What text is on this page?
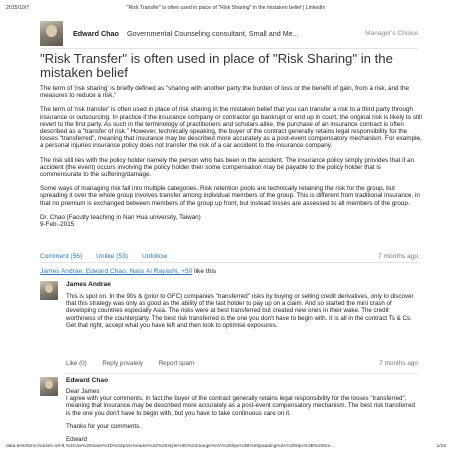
2015/10/7	"Risk Transfer" is often used in place of "Risk Sharing" in the mistaken belief | LinkedIn
Edward Chao Governmental Counseling consultant, Small and Me...	Manager's Choice
"Risk Transfer" is often used in place of "Risk Sharing" in the mistaken belief

The term of 'risk sharing' is briefly defined as "sharing with another party the burden of loss or the benefit of gain, from a risk, and the measures to reduce a risk."

The term of 'risk transfer' is often used in place of risk sharing in the mistaken belief that you can transfer a risk to a third party through insurance or outsourcing. In practice if the insurance company or contractor go bankrupt or end up in court, the original risk is likely to still revert to the first party. As such in the terminology of practitioners and scholars alike, the purchase of an insurance contract is often described as a "transfer of risk." However, technically speaking, the buyer of the contract generally retains legal responsibility for the losses "transferred", meaning that insurance may be described more accurately as a post-event compensatory mechanism. For example, a personal injuries insurance policy does not transfer the risk of a car accident to the insurance company.

The risk still lies with the policy holder namely the person who has been in the accident. The insurance policy simply provides that if an accident (the event) occurs involving the policy holder then some compensation may be payable to the policy holder that is commensurate to the suffering/damage.

Some ways of managing risk fall into multiple categories. Risk retention pools are technically retaining the risk for the group, but spreading it over the whole group involves transfer among individual members of the group. This is different from traditional insurance, in that no premium is exchanged between members of the group up front, but instead losses are assessed to all members of the group.

Dr. Chao (Faculty teaching in Nan Hua university, Taiwan)
9-Feb.-2015
Comment (56) Unlike (53) Unfollow	7 months ago
James Andrae, Edward Chao, Nass Al Rayashi, +50 like this
James Andrae

This is spot on. In the 90s & (prior to GFC) companies "transferred" risks by buying or selling credit derivatives, only to discover that this strategy was only as good as the ability of the last holder to pay up on a claim. And so started the mini crash of developing countries especially Asia. The risks were at best transferred but created new ones in their wake. The credit worthiness of the counterparty. The best risk transferred is the one you don't have to begin with. It is all in the contract Ts & Cs. Get that right, accept what you have left and then look to optimise exposures.

Like (0)	Reply privately	Report spam	7 months ago
Edward Chao

Dear James

I agree with your comments. In fact,the buyer of the contract generally retains legal responsibility for the losses "transferred", meaning that insurance may be described more accurately as a post-event compensatory mechanism. The best risk transferred is the one you don't have to begin with, but you have to take continuous care on it.

Thanks for your comments.

Edward

data:text/html;charset=utf-8,%3Cdiv%20class%3D%22post-header%22%20style%3D%22margin%3A%200px%3B%20padding%3A%200px%3B%20bor...	1/15
